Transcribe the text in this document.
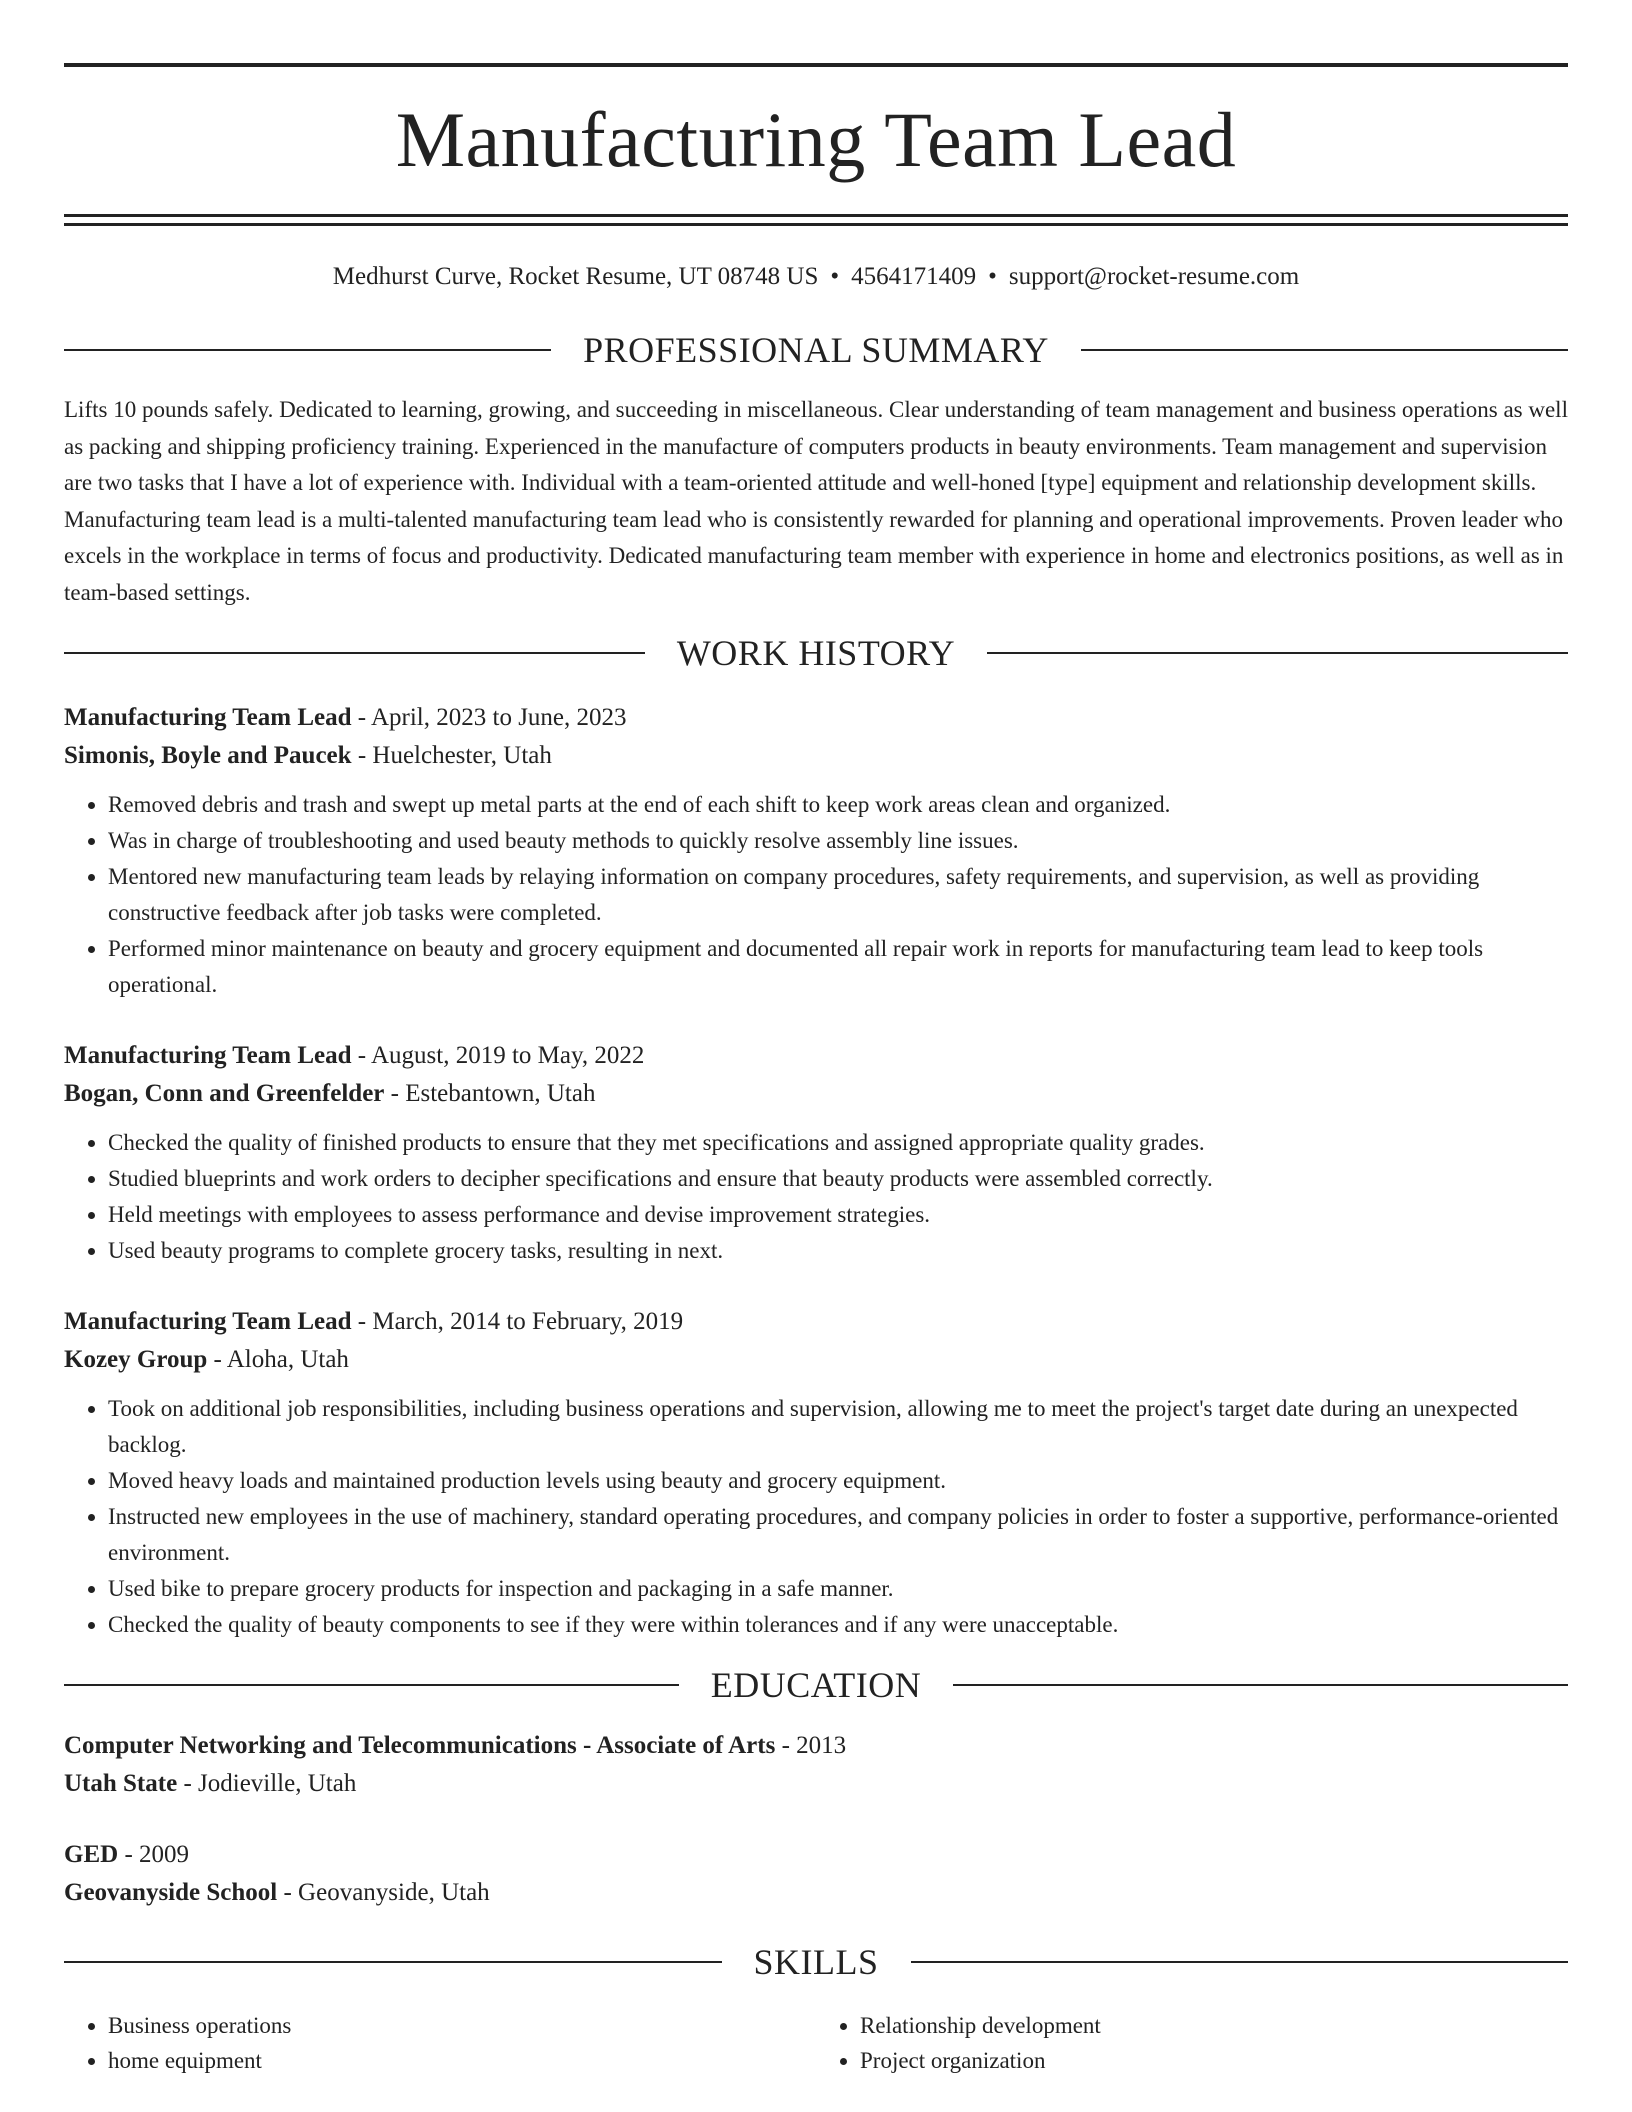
Manufacturing Team Lead
Medhurst Curve, Rocket Resume, UT 08748 US • 4564171409 • support@rocket-resume.com
PROFESSIONAL SUMMARY

Lifts 10 pounds safely. Dedicated to learning, growing, and succeeding in miscellaneous. Clear understanding of team management and business operations as well as packing and shipping proficiency training. Experienced in the manufacture of computers products in beauty environments. Team management and supervision are two tasks that I have a lot of experience with. Individual with a team-oriented attitude and well-honed [type] equipment and relationship development skills. Manufacturing team lead is a multi-talented manufacturing team lead who is consistently rewarded for planning and operational improvements. Proven leader who excels in the workplace in terms of focus and productivity. Dedicated manufacturing team member with experience in home and electronics positions, as well as in team-based settings.

WORK HISTORY
Manufacturing Team Lead - April, 2023 to June, 2023
Simonis, Boyle and Paucek - Huelchester, Utah
• Removed debris and trash and swept up metal parts at the end of each shift to keep work areas clean and organized.
• Was in charge of troubleshooting and used beauty methods to quickly resolve assembly line issues.
• Mentored new manufacturing team leads by relaying information on company procedures, safety requirements, and supervision, as well as providing constructive feedback after job tasks were completed.
• Performed minor maintenance on beauty and grocery equipment and documented all repair work in reports for manufacturing team lead to keep tools operational.
Manufacturing Team Lead - August, 2019 to May, 2022
Bogan, Conn and Greenfelder - Estebantown, Utah
• Checked the quality of finished products to ensure that they met specifications and assigned appropriate quality grades.
• Studied blueprints and work orders to decipher specifications and ensure that beauty products were assembled correctly.
• Held meetings with employees to assess performance and devise improvement strategies.
• Used beauty programs to complete grocery tasks, resulting in next.
Manufacturing Team Lead - March, 2014 to February, 2019
Kozey Group - Aloha, Utah
• Took on additional job responsibilities, including business operations and supervision, allowing me to meet the project's target date during an unexpected backlog.
• Moved heavy loads and maintained production levels using beauty and grocery equipment.
• Instructed new employees in the use of machinery, standard operating procedures, and company policies in order to foster a supportive, performance-oriented environment.
• Used bike to prepare grocery products for inspection and packaging in a safe manner.
• Checked the quality of beauty components to see if they were within tolerances and if any were unacceptable.
EDUCATION
Computer Networking and Telecommunications - Associate of Arts - 2013
Utah State - Jodieville, Utah
GED - 2009
Geovanyside School - Geovanyside, Utah
SKILLS
• Business operations
• home equipment
• Relationship development
• Project organization
